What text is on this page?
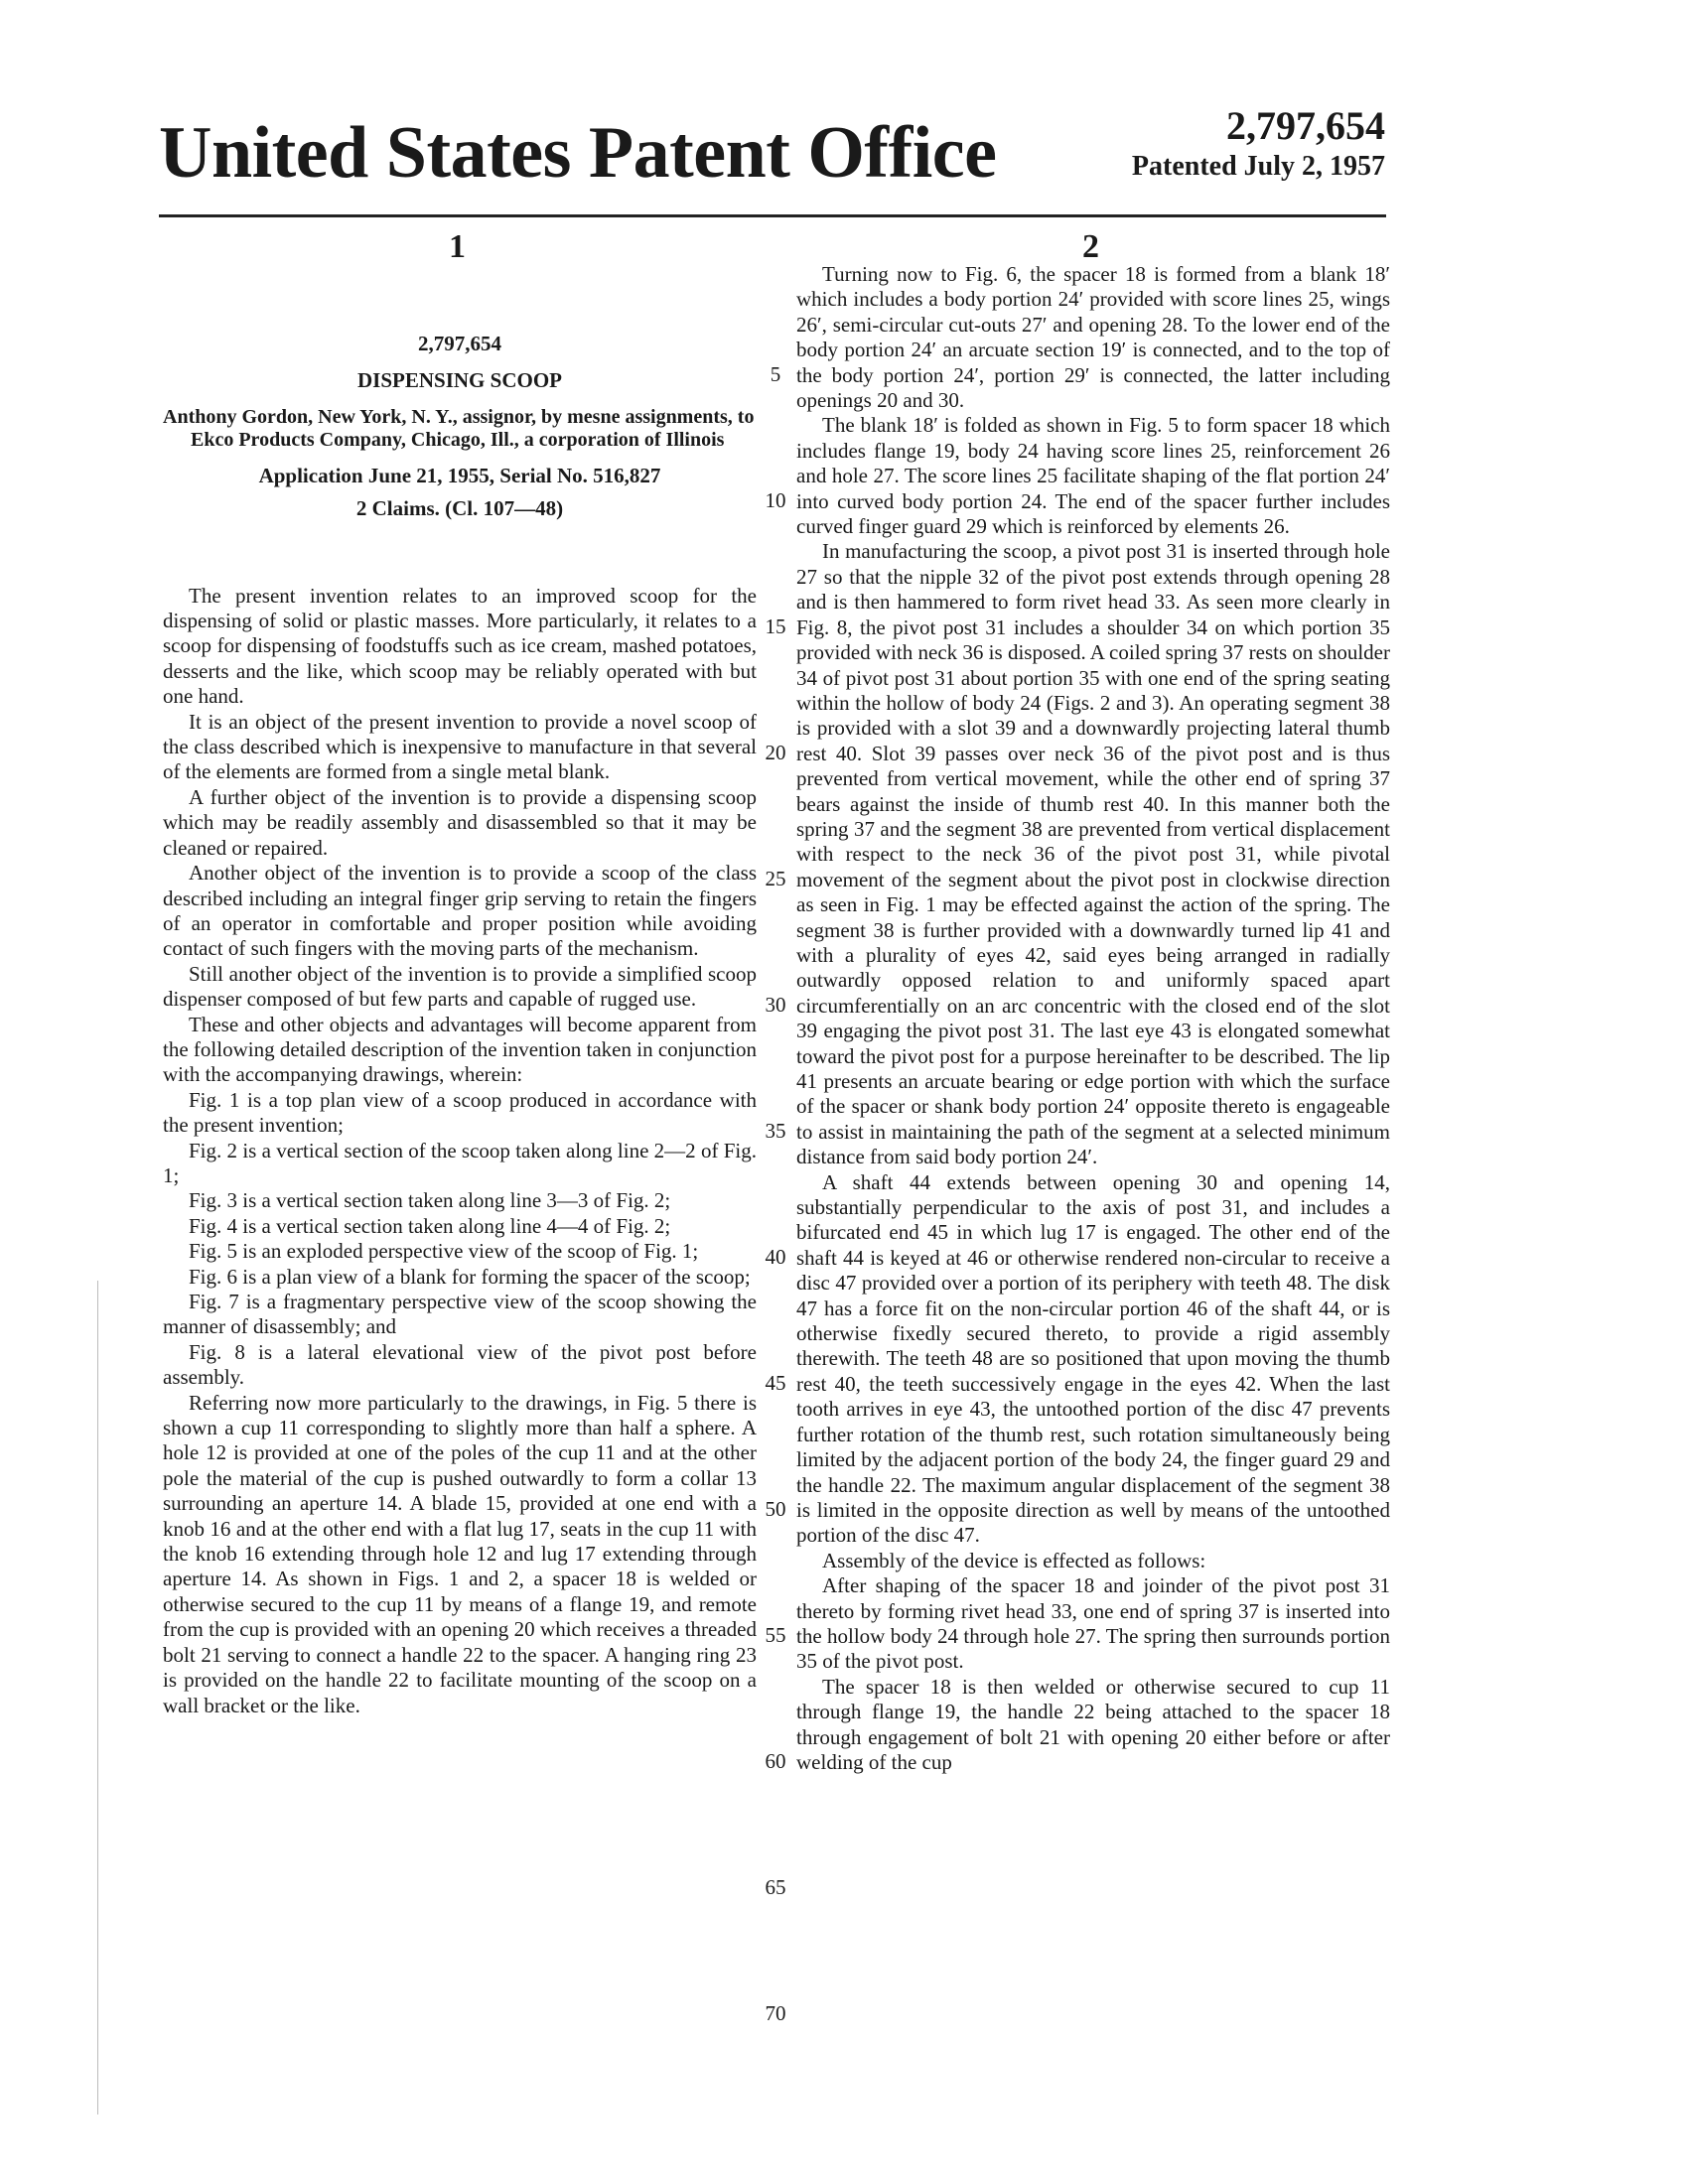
United States Patent Office	2,797,654
Patented July 2, 1957
1	2

2,797,654

DISPENSING SCOOP

Anthony Gordon, New York, N. Y., assignor, by mesne assignments, to Ekco Products Company, Chicago, Ill., a corporation of Illinois

Application June 21, 1955, Serial No. 516,827

2 Claims. (Cl. 107—48)

The present invention relates to an improved scoop for the dispensing of solid or plastic masses. More particularly, it relates to a scoop for dispensing of foodstuffs such as ice cream, mashed potatoes, desserts and the like, which scoop may be reliably operated with but one hand.

It is an object of the present invention to provide a novel scoop of the class described which is inexpensive to manufacture in that several of the elements are formed from a single metal blank.

A further object of the invention is to provide a dispensing scoop which may be readily assembly and disassembled so that it may be cleaned or repaired.

Another object of the invention is to provide a scoop of the class described including an integral finger grip serving to retain the fingers of an operator in comfortable and proper position while avoiding contact of such fingers with the moving parts of the mechanism.

Still another object of the invention is to provide a simplified scoop dispenser composed of but few parts and capable of rugged use.

These and other objects and advantages will become apparent from the following detailed description of the invention taken in conjunction with the accompanying drawings, wherein:

Fig. 1 is a top plan view of a scoop produced in accordance with the present invention;

Fig. 2 is a vertical section of the scoop taken along line 2—2 of Fig. 1;

Fig. 3 is a vertical section taken along line 3—3 of Fig. 2;

Fig. 4 is a vertical section taken along line 4—4 of Fig. 2;

Fig. 5 is an exploded perspective view of the scoop of Fig. 1;

Fig. 6 is a plan view of a blank for forming the spacer of the scoop;

Fig. 7 is a fragmentary perspective view of the scoop showing the manner of disassembly; and

Fig. 8 is a lateral elevational view of the pivot post before assembly.

Referring now more particularly to the drawings, in Fig. 5 there is shown a cup 11 corresponding to slightly more than half a sphere. A hole 12 is provided at one of the poles of the cup 11 and at the other pole the material of the cup is pushed outwardly to form a collar 13 surrounding an aperture 14. A blade 15, provided at one end with a knob 16 and at the other end with a flat lug 17, seats in the cup 11 with the knob 16 extending through hole 12 and lug 17 extending through aperture 14. As shown in Figs. 1 and 2, a spacer 18 is welded or otherwise secured to the cup 11 by means of a flange 19, and remote from the cup is provided with an opening 20 which receives a threaded bolt 21 serving to connect a handle 22 to the spacer. A hanging ring 23 is provided on the handle 22 to facilitate mounting of the scoop on a wall bracket or the like.

5
10
15
20
25
30
35
40
45
50
55
60
65
70

Turning now to Fig. 6, the spacer 18 is formed from a blank 18′ which includes a body portion 24′ provided with score lines 25, wings 26′, semi-circular cut-outs 27′ and opening 28. To the lower end of the body portion 24′ an arcuate section 19′ is connected, and to the top of the body portion 24′, portion 29′ is connected, the latter including openings 20 and 30.

The blank 18′ is folded as shown in Fig. 5 to form spacer 18 which includes flange 19, body 24 having score lines 25, reinforcement 26 and hole 27. The score lines 25 facilitate shaping of the flat portion 24′ into curved body portion 24. The end of the spacer further includes curved finger guard 29 which is reinforced by elements 26.

In manufacturing the scoop, a pivot post 31 is inserted through hole 27 so that the nipple 32 of the pivot post extends through opening 28 and is then hammered to form rivet head 33. As seen more clearly in Fig. 8, the pivot post 31 includes a shoulder 34 on which portion 35 provided with neck 36 is disposed. A coiled spring 37 rests on shoulder 34 of pivot post 31 about portion 35 with one end of the spring seating within the hollow of body 24 (Figs. 2 and 3). An operating segment 38 is provided with a slot 39 and a downwardly projecting lateral thumb rest 40. Slot 39 passes over neck 36 of the pivot post and is thus prevented from vertical movement, while the other end of spring 37 bears against the inside of thumb rest 40. In this manner both the spring 37 and the segment 38 are prevented from vertical displacement with respect to the neck 36 of the pivot post 31, while pivotal movement of the segment about the pivot post in clockwise direction as seen in Fig. 1 may be effected against the action of the spring. The segment 38 is further provided with a downwardly turned lip 41 and with a plurality of eyes 42, said eyes being arranged in radially outwardly opposed relation to and uniformly spaced apart circumferentially on an arc concentric with the closed end of the slot 39 engaging the pivot post 31. The last eye 43 is elongated somewhat toward the pivot post for a purpose hereinafter to be described. The lip 41 presents an arcuate bearing or edge portion with which the surface of the spacer or shank body portion 24′ opposite thereto is engageable to assist in maintaining the path of the segment at a selected minimum distance from said body portion 24′.

A shaft 44 extends between opening 30 and opening 14, substantially perpendicular to the axis of post 31, and includes a bifurcated end 45 in which lug 17 is engaged. The other end of the shaft 44 is keyed at 46 or otherwise rendered non-circular to receive a disc 47 provided over a portion of its periphery with teeth 48. The disk 47 has a force fit on the non-circular portion 46 of the shaft 44, or is otherwise fixedly secured thereto, to provide a rigid assembly therewith. The teeth 48 are so positioned that upon moving the thumb rest 40, the teeth successively engage in the eyes 42. When the last tooth arrives in eye 43, the untoothed portion of the disc 47 prevents further rotation of the thumb rest, such rotation simultaneously being limited by the adjacent portion of the body 24, the finger guard 29 and the handle 22. The maximum angular displacement of the segment 38 is limited in the opposite direction as well by means of the untoothed portion of the disc 47.

Assembly of the device is effected as follows:

After shaping of the spacer 18 and joinder of the pivot post 31 thereto by forming rivet head 33, one end of spring 37 is inserted into the hollow body 24 through hole 27. The spring then surrounds portion 35 of the pivot post.

The spacer 18 is then welded or otherwise secured to cup 11 through flange 19, the handle 22 being attached to the spacer 18 through engagement of bolt 21 with opening 20 either before or after welding of the cup
